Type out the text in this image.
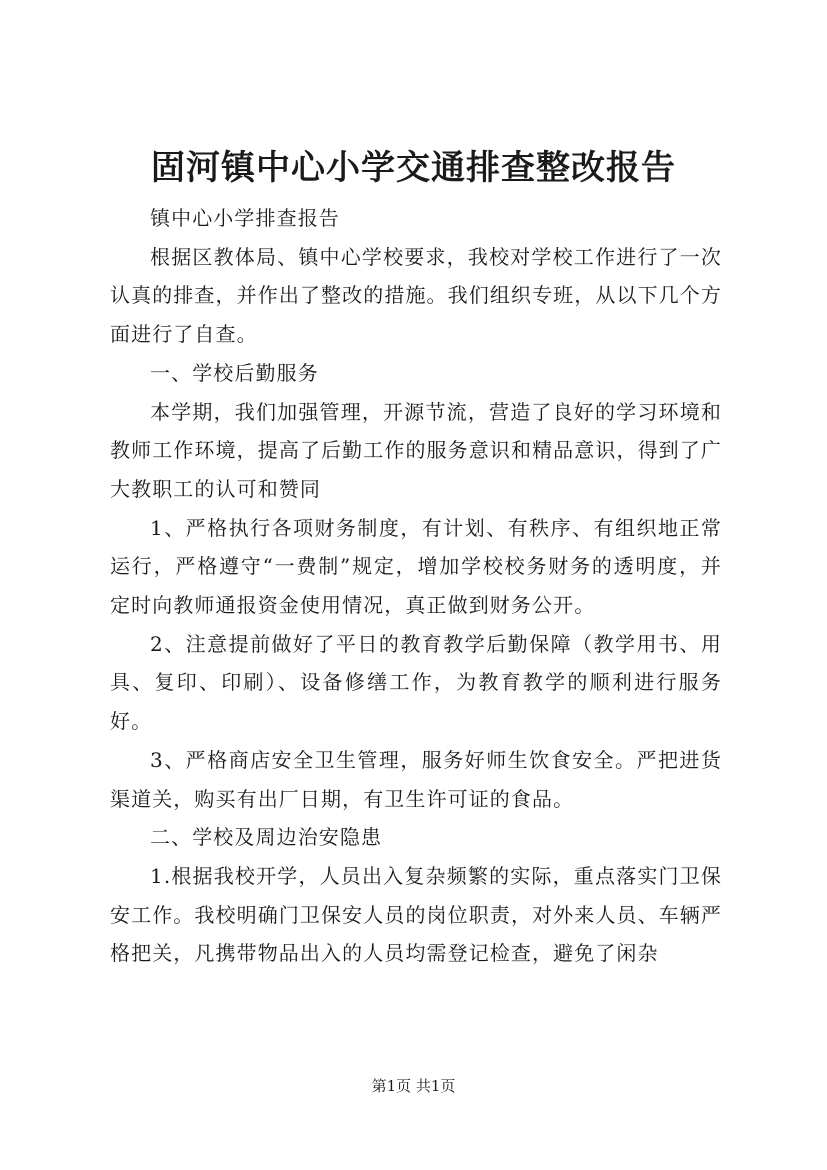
固河镇中心小学交通排查整改报告

镇中心小学排查报告

根据区教体局、镇中心学校要求，我校对学校工作进行了一次认真的排查，并作出了整改的措施。我们组织专班，从以下几个方面进行了自查。

一、学校后勤服务

本学期，我们加强管理，开源节流，营造了良好的学习环境和教师工作环境，提高了后勤工作的服务意识和精品意识，得到了广大教职工的认可和赞同

1、严格执行各项财务制度，有计划、有秩序、有组织地正常运行，严格遵守“一费制”规定，增加学校校务财务的透明度，并定时向教师通报资金使用情况，真正做到财务公开。

2、注意提前做好了平日的教育教学后勤保障（教学用书、用具、复印、印刷）、设备修缮工作，为教育教学的顺利进行服务好。

3、严格商店安全卫生管理，服务好师生饮食安全。严把进货渠道关，购买有出厂日期，有卫生许可证的食品。

二、学校及周边治安隐患

1.根据我校开学，人员出入复杂频繁的实际，重点落实门卫保安工作。我校明确门卫保安人员的岗位职责，对外来人员、车辆严格把关，凡携带物品出入的人员均需登记检查，避免了闲杂

第1页 共1页
